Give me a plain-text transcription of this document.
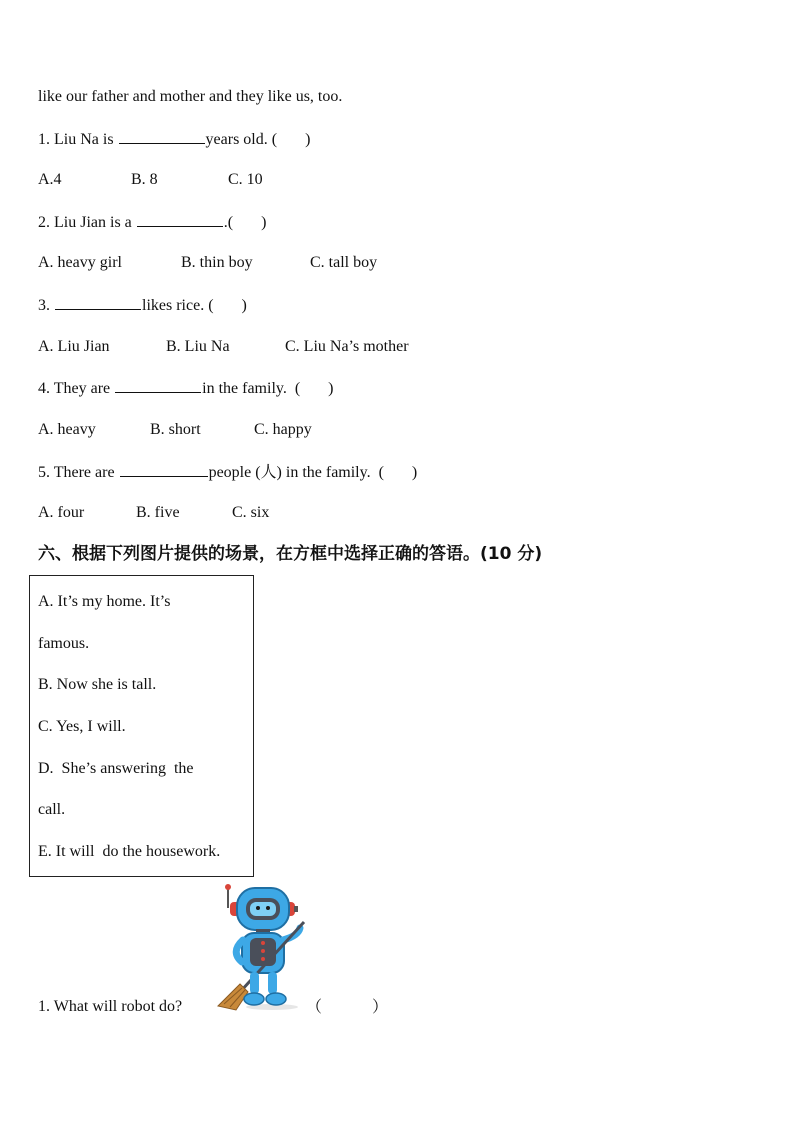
like our father and mother and they like us, too.
1. Liu Na is	years old. ( )
A.4	B. 8	C. 10
2. Liu Jian is a	.( )
A. heavy girl	B. thin boy	C. tall boy
3.	likes rice. ( )
A. Liu Jian	B. Liu Na	C. Liu Na’s mother
4. They are	in the family.  ( )
A. heavy	B. short	C. happy
5. There are	people (人) in the family.  ( )
A. four	B. five	C. six
六、根据下列图片提供的场景，在方框中选择正确的答语。(10 分)
A. It’s my home. It’s
famous.
B. Now she is tall.
C. Yes, I will.
D.  She’s answering  the
call.
E. It will  do the housework.
1. What will robot do?	（	）
